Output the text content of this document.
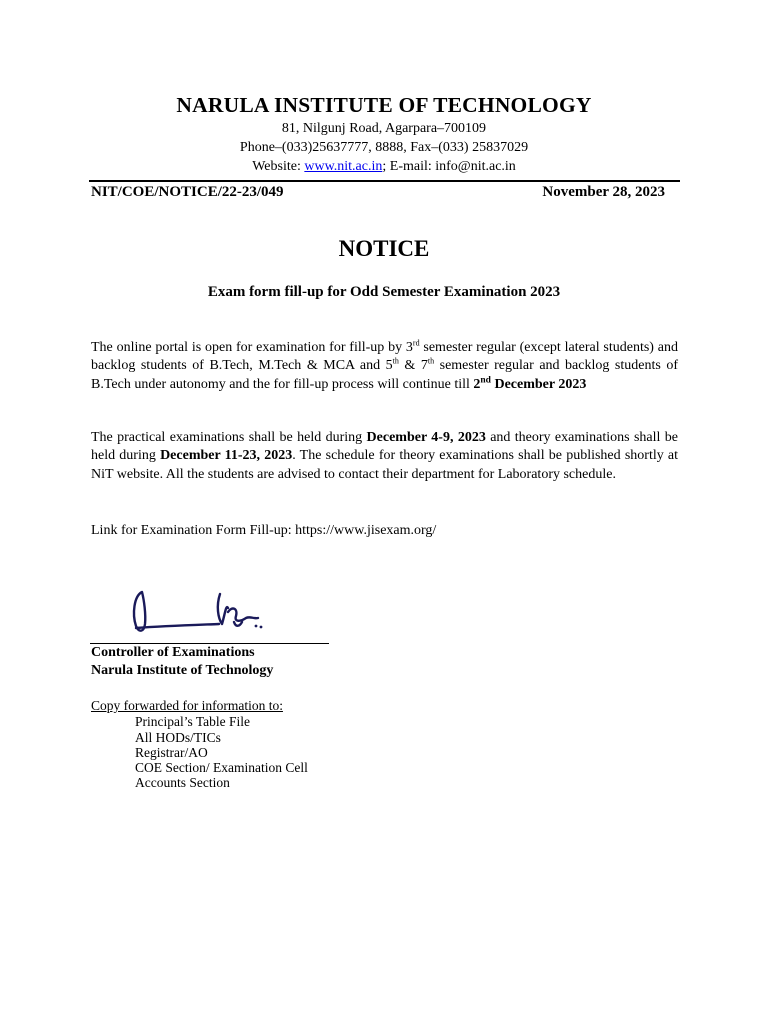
NARULA INSTITUTE OF TECHNOLOGY
81, Nilgunj Road, Agarpara–700109
Phone–(033)25637777, 8888, Fax–(033) 25837029
Website: www.nit.ac.in; E-mail: info@nit.ac.in
NIT/COE/NOTICE/22-23/049	November 28, 2023
NOTICE
Exam form fill-up for Odd Semester Examination 2023
The online portal is open for examination for fill-up by 3rd semester regular (except lateral students) and backlog students of B.Tech, M.Tech & MCA and 5th & 7th semester regular and backlog students of B.Tech under autonomy and the for fill-up process will continue till 2nd December 2023
The practical examinations shall be held during December 4-9, 2023 and theory examinations shall be held during December 11-23, 2023. The schedule for theory examinations shall be published shortly at NiT website. All the students are advised to contact their department for Laboratory schedule.
Link for Examination Form Fill-up: https://www.jisexam.org/
Controller of Examinations
Narula Institute of Technology
Copy forwarded for information to:
Principal’s Table File
All HODs/TICs
Registrar/AO
COE Section/ Examination Cell
Accounts Section
